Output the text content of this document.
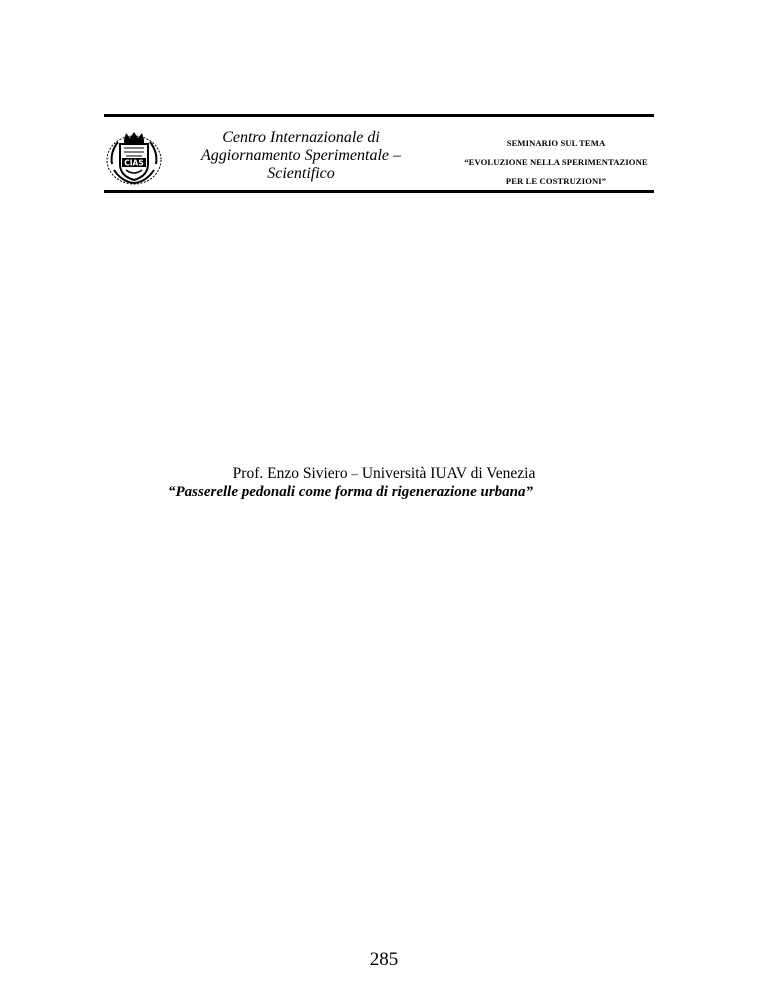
CIAS
Centro Internazionale di
Aggiornamento Sperimentale – Scientifico
SEMINARIO SUL TEMA
“EVOLUZIONE NELLA SPERIMENTAZIONE
PER LE COSTRUZIONI”
Prof. Enzo Siviero – Università IUAV di Venezia
“Passerelle pedonali come forma di rigenerazione urbana”
285
